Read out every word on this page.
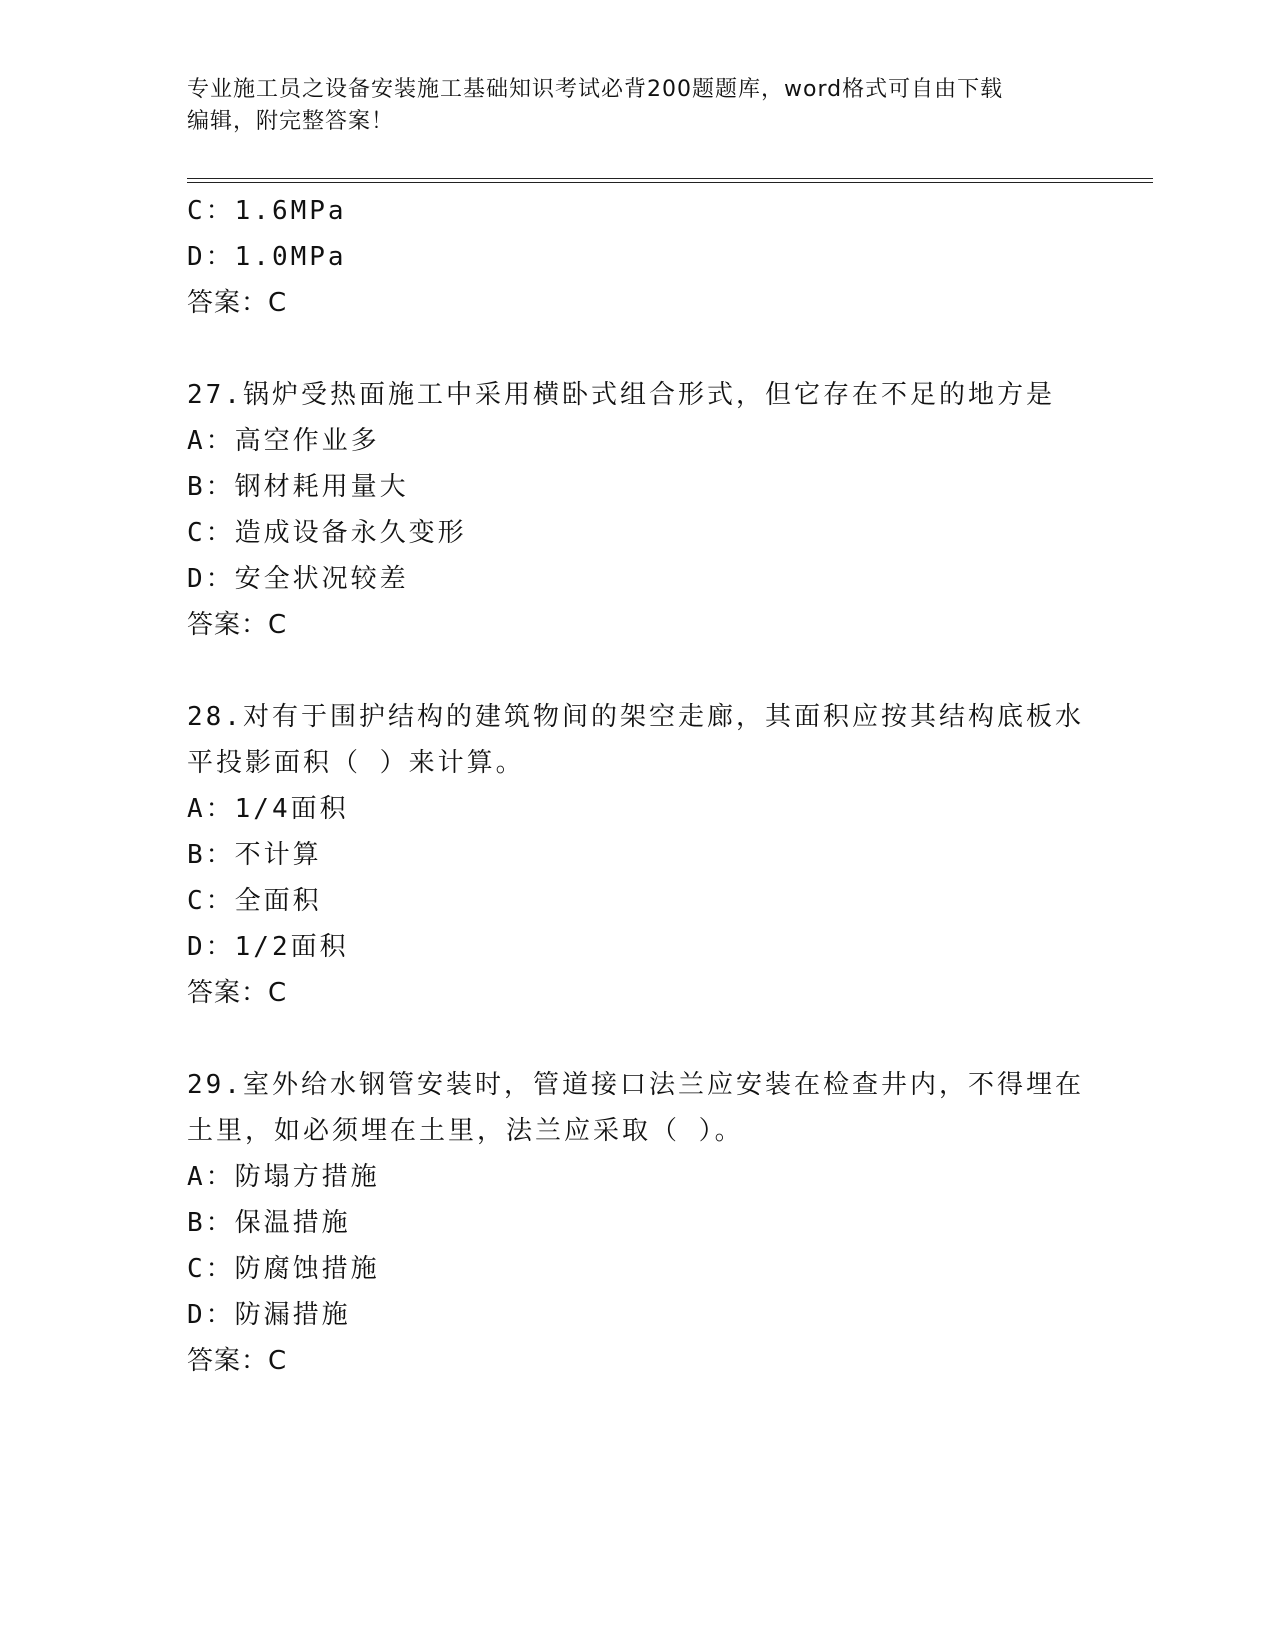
专业施工员之设备安装施工基础知识考试必背200题题库，word格式可自由下载
编辑，附完整答案！
C：1.6MPa
D：1.0MPa
答案：C
27.锅炉受热面施工中采用横卧式组合形式，但它存在不足的地方是
A：高空作业多
B：钢材耗用量大
C：造成设备永久变形
D：安全状况较差
答案：C
28.对有于围护结构的建筑物间的架空走廊，其面积应按其结构底板水
平投影面积（ ）来计算。
A：1/4面积
B：不计算
C：全面积
D：1/2面积
答案：C
29.室外给水钢管安装时，管道接口法兰应安装在检查井内，不得埋在
土里，如必须埋在土里，法兰应采取（ ）。
A：防塌方措施
B：保温措施
C：防腐蚀措施
D：防漏措施
答案：C
